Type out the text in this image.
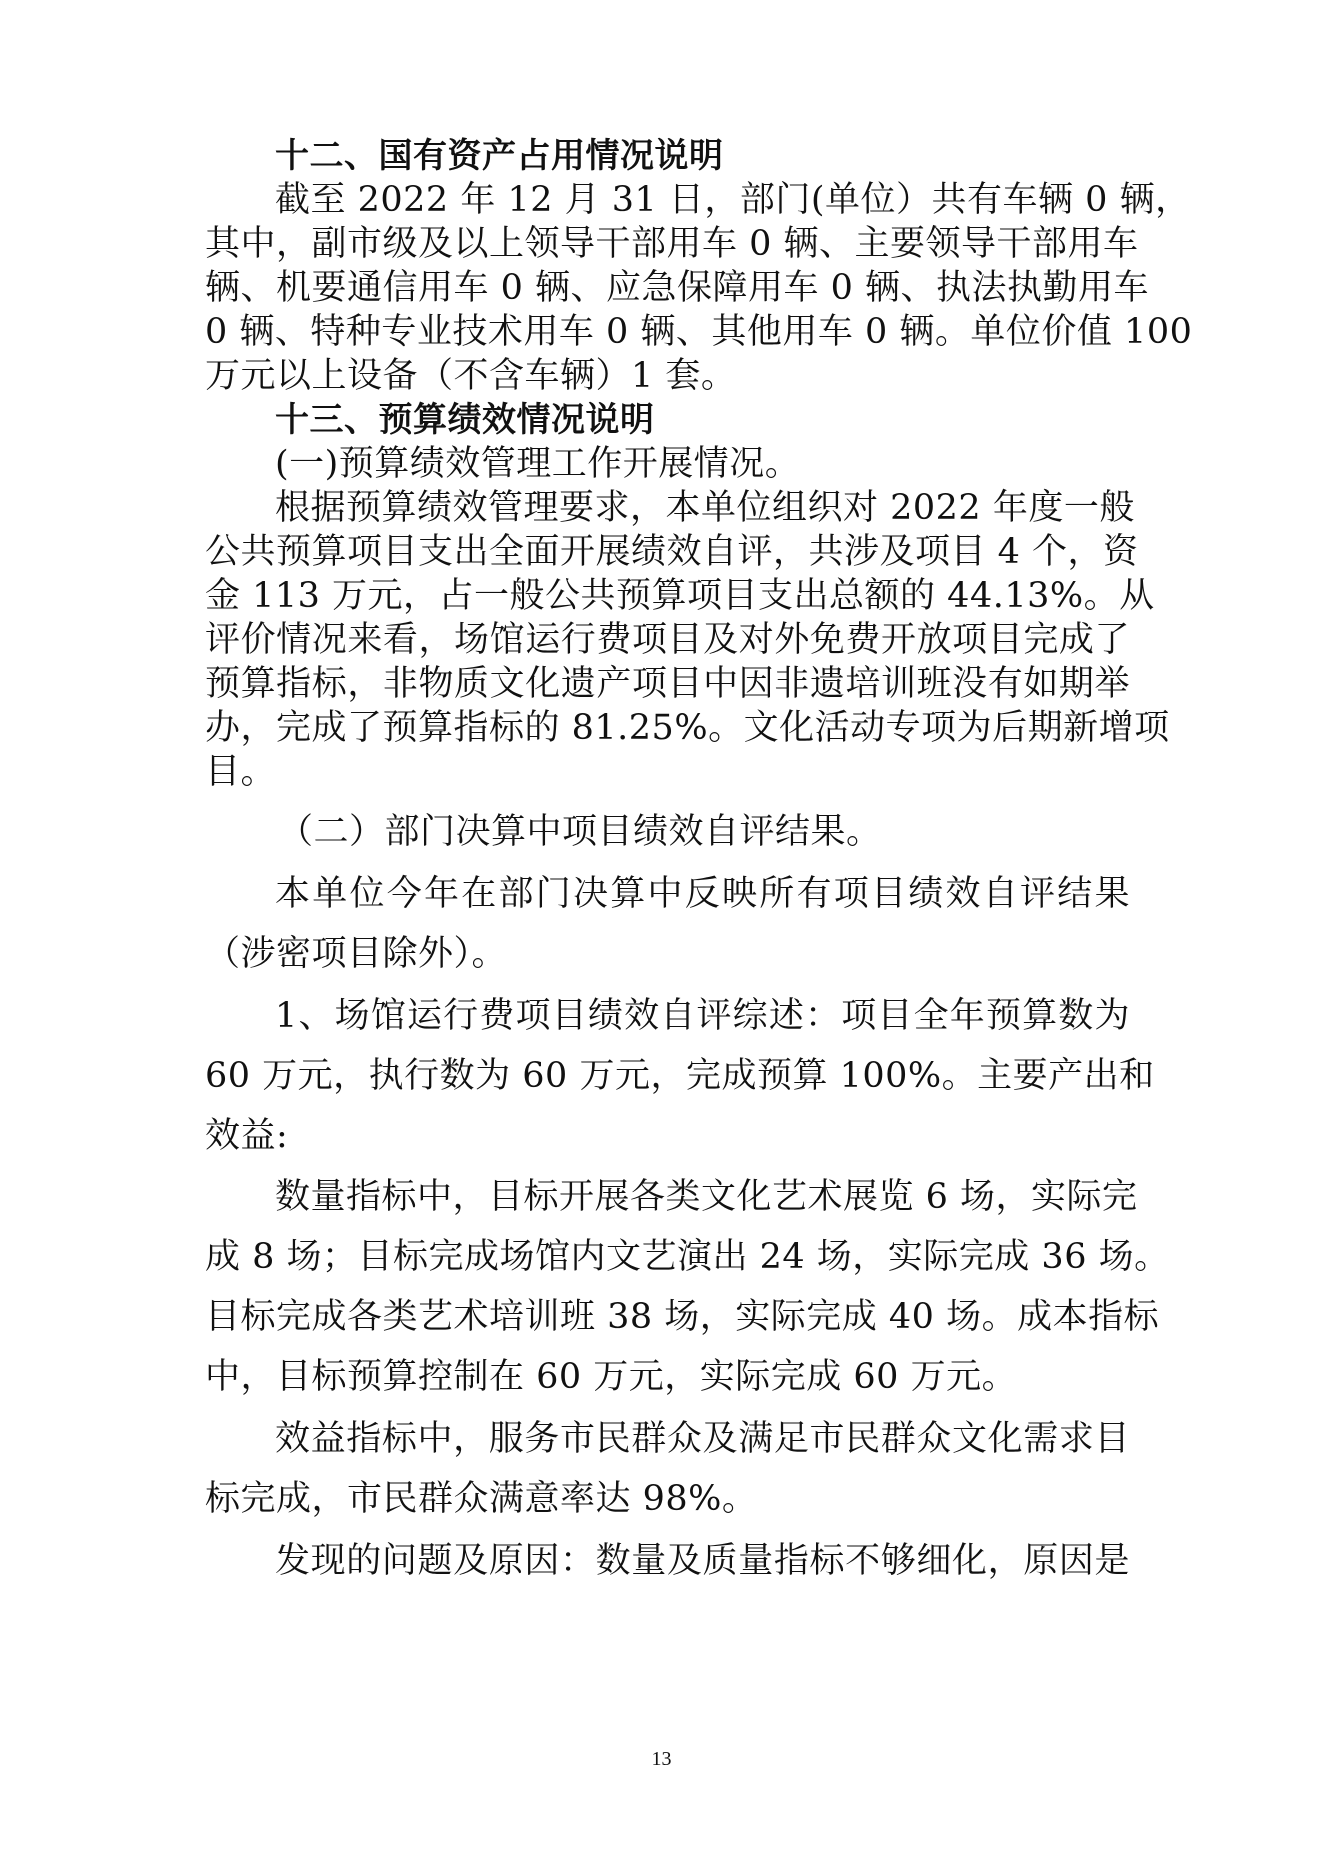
十二、国有资产占用情况说明
截至 2022 年 12 月 31 日，部门(单位）共有车辆 0 辆，
其中，副市级及以上领导干部用车 0 辆、主要领导干部用车
辆、机要通信用车 0 辆、应急保障用车 0 辆、执法执勤用车
0 辆、特种专业技术用车 0 辆、其他用车 0 辆。单位价值 100
万元以上设备（不含车辆）1 套。
十三、预算绩效情况说明
(一)预算绩效管理工作开展情况。
根据预算绩效管理要求，本单位组织对 2022 年度一般
公共预算项目支出全面开展绩效自评，共涉及项目 4 个，资
金 113 万元，占一般公共预算项目支出总额的 44.13%。从
评价情况来看，场馆运行费项目及对外免费开放项目完成了
预算指标，非物质文化遗产项目中因非遗培训班没有如期举
办，完成了预算指标的 81.25%。文化活动专项为后期新增项
目。
（二）部门决算中项目绩效自评结果。
本单位今年在部门决算中反映所有项目绩效自评结果
（涉密项目除外）。
1、场馆运行费项目绩效自评综述：项目全年预算数为
60 万元，执行数为 60 万元，完成预算 100%。主要产出和
效益:
数量指标中，目标开展各类文化艺术展览 6 场，实际完
成 8 场；目标完成场馆内文艺演出 24 场，实际完成 36 场。
目标完成各类艺术培训班 38 场，实际完成 40 场。成本指标
中，目标预算控制在 60 万元，实际完成 60 万元。
效益指标中，服务市民群众及满足市民群众文化需求目
标完成，市民群众满意率达 98%。
发现的问题及原因：数量及质量指标不够细化，原因是
13
